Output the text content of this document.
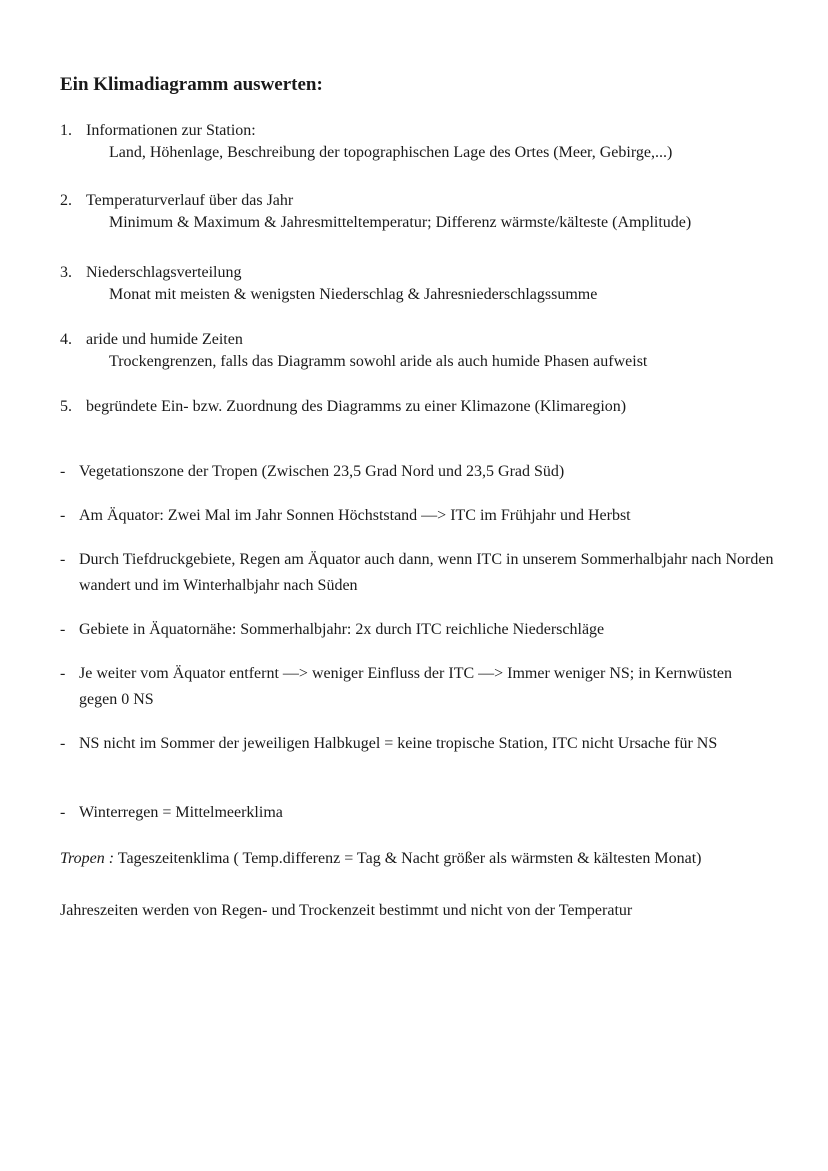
Ein Klimadiagramm auswerten:
1. Informationen zur Station:
Land, Höhenlage, Beschreibung der topographischen Lage des Ortes (Meer, Gebirge,...)
2. Temperaturverlauf über das Jahr
Minimum & Maximum & Jahresmitteltemperatur; Differenz wärmste/kälteste (Amplitude)
3. Niederschlagsverteilung
Monat mit meisten & wenigsten Niederschlag & Jahresniederschlagssumme
4. aride und humide Zeiten
Trockengrenzen, falls das Diagramm sowohl aride als auch humide Phasen aufweist
5. begründete Ein- bzw. Zuordnung des Diagramms zu einer Klimazone (Klimaregion)
- Vegetationszone der Tropen (Zwischen 23,5 Grad Nord und 23,5 Grad Süd)
- Am Äquator: Zwei Mal im Jahr Sonnen Höchststand —> ITC im Frühjahr und Herbst
- Durch Tiefdruckgebiete, Regen am Äquator auch dann, wenn ITC in unserem Sommerhalbjahr nach Norden wandert und im Winterhalbjahr nach Süden
- Gebiete in Äquatornähe: Sommerhalbjahr: 2x durch ITC reichliche Niederschläge
- Je weiter vom Äquator entfernt —> weniger Einfluss der ITC —> Immer weniger NS; in Kernwüsten gegen 0 NS
- NS nicht im Sommer der jeweiligen Halbkugel = keine tropische Station, ITC nicht Ursache für NS
- Winterregen = Mittelmeerklima
Tropen : Tageszeitenklima ( Temp.differenz = Tag & Nacht größer als wärmsten & kältesten Monat)
Jahreszeiten werden von Regen- und Trockenzeit bestimmt und nicht von der Temperatur
